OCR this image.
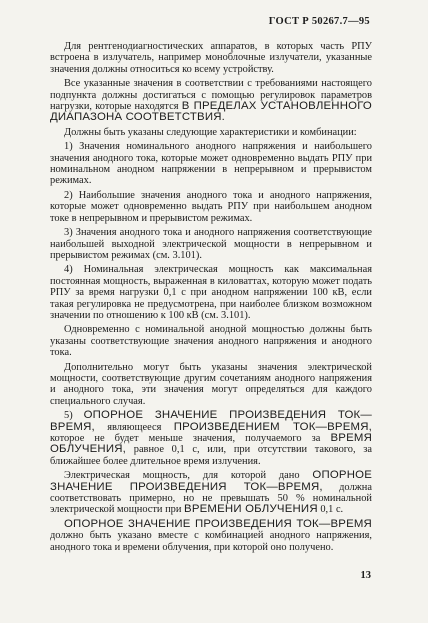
ГОСТ Р 50267.7—95

Для рентгенодиагностических аппаратов, в которых часть РПУ встроена в излучатель, например моноблочные излучатели, указанные значения должны относиться ко всему устройству.

Все указанные значения в соответствии с требованиями настоящего подпункта должны достигаться с помощью регулировок параметров нагрузки, которые находятся В ПРЕДЕЛАХ УСТАНОВЛЕННОГО ДИАПАЗОНА СООТВЕТСТВИЯ.

Должны быть указаны следующие характеристики и комбинации:

1) Значения номинального анодного напряжения и наибольшего значения анодного тока, которые может одновременно выдать РПУ при номинальном анодном напряжении в непрерывном и прерывистом режимах.

2) Наибольшие значения анодного тока и анодного напряжения, которые может одновременно выдать РПУ при наибольшем анодном токе в непрерывном и прерывистом режимах.

3) Значения анодного тока и анодного напряжения соответствующие наибольшей выходной электрической мощности в непрерывном и прерывистом режимах (см. 3.101).

4) Номинальная электрическая мощность как максимальная постоянная мощность, выраженная в киловаттах, которую может подать РПУ за время нагрузки 0,1 с при анодном напряжении 100 кВ, если такая регулировка не предусмотрена, при наиболее близком возможном значении по отношению к 100 кВ (см. 3.101).

Одновременно с номинальной анодной мощностью должны быть указаны соответствующие значения анодного напряжения и анодного тока.

Дополнительно могут быть указаны значения электрической мощности, соответствующие другим сочетаниям анодного напряжения и анодного тока, эти значения могут определяться для каждого специального случая.

5) ОПОРНОЕ ЗНАЧЕНИЕ ПРОИЗВЕДЕНИЯ ТОК—ВРЕМЯ, являющееся ПРОИЗВЕДЕНИЕМ ТОК—ВРЕМЯ, которое не будет меньше значения, получаемого за ВРЕМЯ ОБЛУЧЕНИЯ, равное 0,1 с, или, при отсутствии такового, за ближайшее более длительное время излучения.

Электрическая мощность, для которой дано ОПОРНОЕ ЗНАЧЕНИЕ ПРОИЗВЕДЕНИЯ ТОК—ВРЕМЯ, должна соответствовать примерно, но не превышать 50 % номинальной электрической мощности при ВРЕМЕНИ ОБЛУЧЕНИЯ 0,1 с.

ОПОРНОЕ ЗНАЧЕНИЕ ПРОИЗВЕДЕНИЯ ТОК—ВРЕМЯ должно быть указано вместе с комбинацией анодного напряжения, анодного тока и времени облучения, при которой оно получено.

13
